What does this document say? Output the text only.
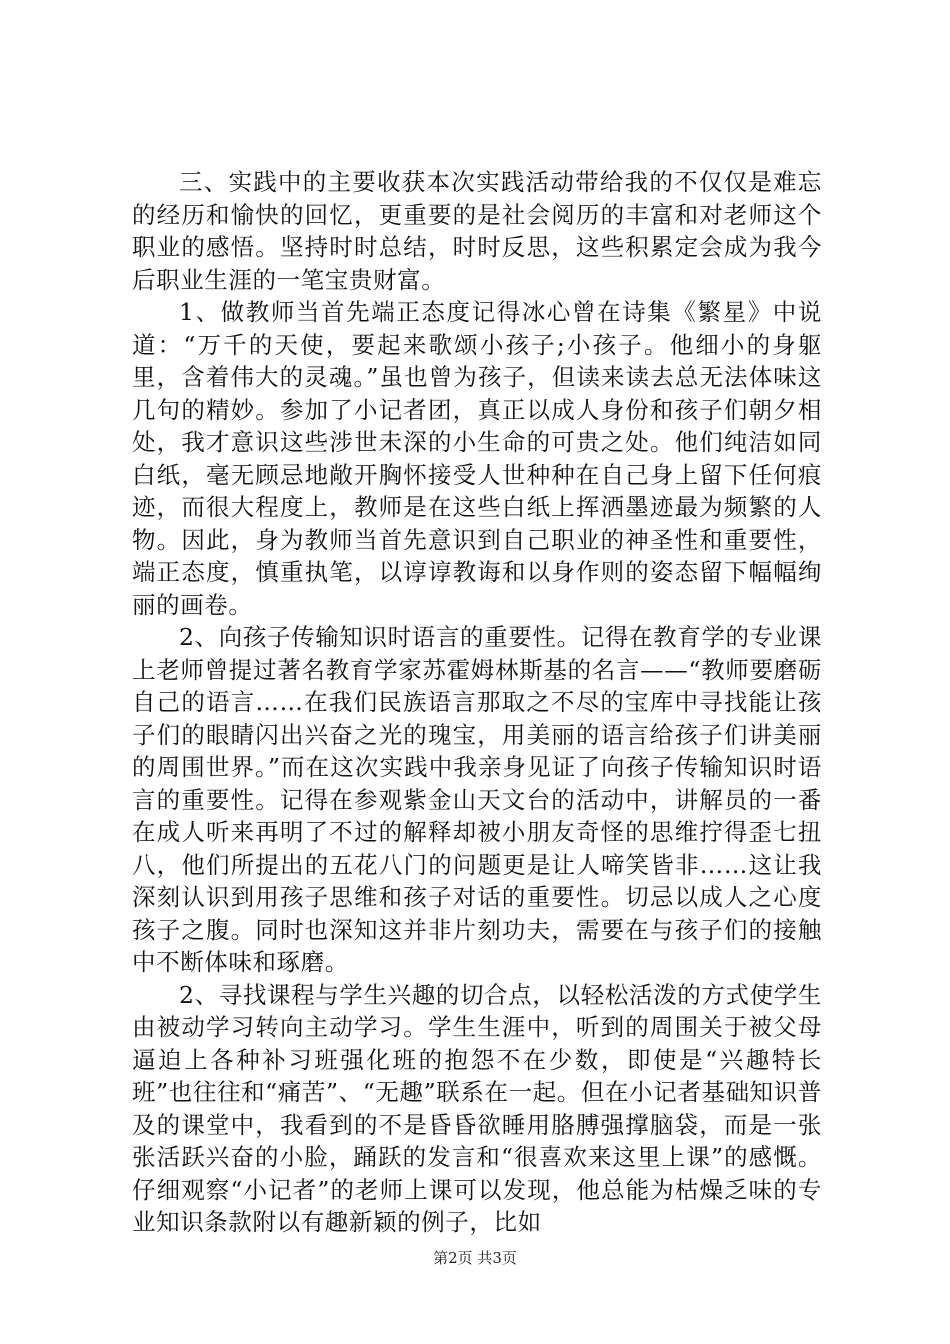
三、实践中的主要收获本次实践活动带给我的不仅仅是难忘的经历和愉快的回忆，更重要的是社会阅历的丰富和对老师这个职业的感悟。坚持时时总结，时时反思，这些积累定会成为我今后职业生涯的一笔宝贵财富。

1、做教师当首先端正态度记得冰心曾在诗集《繁星》中说道：“万千的天使，要起来歌颂小孩子;小孩子。他细小的身躯里，含着伟大的灵魂。”虽也曾为孩子，但读来读去总无法体味这几句的精妙。参加了小记者团，真正以成人身份和孩子们朝夕相处，我才意识这些涉世未深的小生命的可贵之处。他们纯洁如同白纸，毫无顾忌地敞开胸怀接受人世种种在自己身上留下任何痕迹，而很大程度上，教师是在这些白纸上挥洒墨迹最为频繁的人物。因此，身为教师当首先意识到自己职业的神圣性和重要性，端正态度，慎重执笔，以谆谆教诲和以身作则的姿态留下幅幅绚丽的画卷。

2、向孩子传输知识时语言的重要性。记得在教育学的专业课上老师曾提过著名教育学家苏霍姆林斯基的名言——“教师要磨砺自己的语言……在我们民族语言那取之不尽的宝库中寻找能让孩子们的眼睛闪出兴奋之光的瑰宝，用美丽的语言给孩子们讲美丽的周围世界。”而在这次实践中我亲身见证了向孩子传输知识时语言的重要性。记得在参观紫金山天文台的活动中，讲解员的一番在成人听来再明了不过的解释却被小朋友奇怪的思维拧得歪七扭八，他们所提出的五花八门的问题更是让人啼笑皆非……这让我深刻认识到用孩子思维和孩子对话的重要性。切忌以成人之心度孩子之腹。同时也深知这并非片刻功夫，需要在与孩子们的接触中不断体味和琢磨。

2、寻找课程与学生兴趣的切合点，以轻松活泼的方式使学生由被动学习转向主动学习。学生生涯中，听到的周围关于被父母逼迫上各种补习班强化班的抱怨不在少数，即使是“兴趣特长班”也往往和“痛苦”、“无趣”联系在一起。但在小记者基础知识普及的课堂中，我看到的不是昏昏欲睡用胳膊强撑脑袋，而是一张张活跃兴奋的小脸，踊跃的发言和“很喜欢来这里上课”的感慨。仔细观察“小记者”的老师上课可以发现，他总能为枯燥乏味的专业知识条款附以有趣新颖的例子，比如

第2页 共3页
